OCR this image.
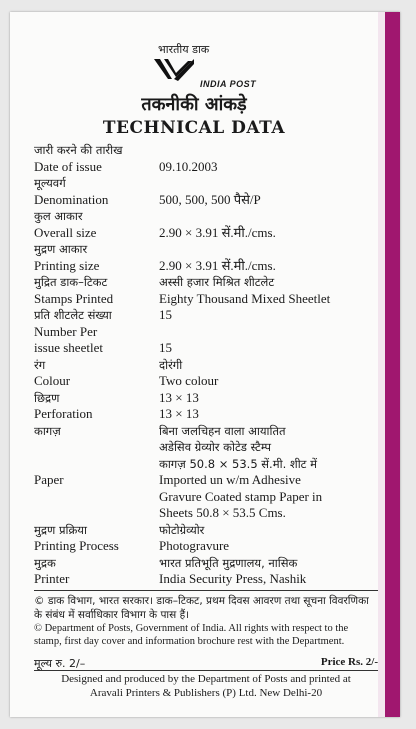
भारतीय डाक
INDIA POST
तकनीकी आंकड़े
TECHNICAL DATA
जारी करने की तारीख
Date of issue	09.10.2003
मूल्यवर्ग
Denomination	500, 500, 500 पैसे/P
कुल आकार
Overall size	2.90 × 3.91 सें.मी./cms.
मुद्रण आकार
Printing size	2.90 × 3.91 सें.मी./cms.
मुद्रित डाक–टिकट	अस्सी हजार मिश्रित शीटलेट
Stamps Printed	Eighty Thousand Mixed Sheetlet
प्रति शीटलेट संख्या	15
Number Per
issue sheetlet	15
रंग	दोरंगी
Colour	Two colour
छिद्रण	13 × 13
Perforation	13 × 13
कागज़	बिना जलचिहन वाला आयातित
अडेसिव ग्रेव्योर कोटेड स्टैम्प
कागज़ 50.8 × 53.5 सें.मी. शीट में
Paper	Imported un w/m Adhesive
Gravure Coated stamp Paper in
Sheets 50.8 × 53.5 Cms.
मुद्रण प्रक्रिया	फोटोग्रेव्योर
Printing Process	Photogravure
मुद्रक	भारत प्रतिभूति मुद्रणालय, नासिक
Printer	India Security Press, Nashik

© डाक विभाग, भारत सरकार। डाक–टिकट, प्रथम दिवस आवरण तथा सूचना विवरणिका के संबंध में सर्वाधिकार विभाग के पास हैं।

© Department of Posts, Government of India. All rights with respect to the stamp, first day cover and information brochure rest with the Department.

मूल्य रु. 2/–	Price Rs. 2/-
Designed and produced by the Department of Posts and printed at
Aravali Printers & Publishers (P) Ltd. New Delhi-20
